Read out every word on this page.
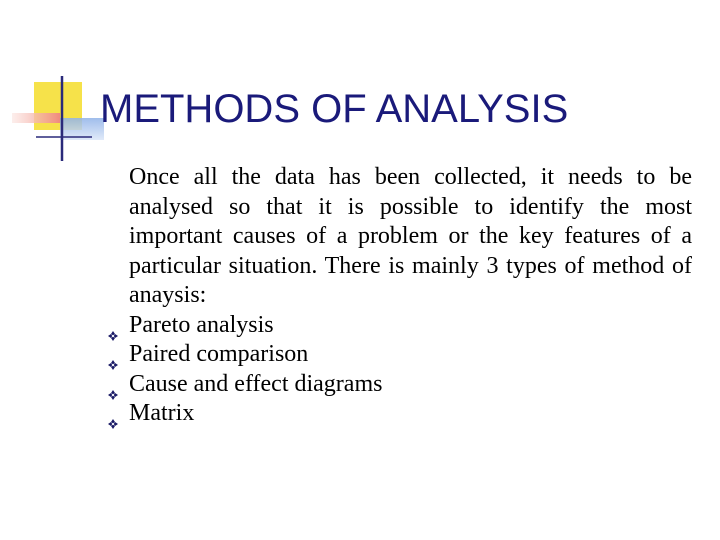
METHODS OF ANALYSIS
Once all the data has been collected, it needs to be analysed so that it is possible to identify the most important causes of a problem or the key features of a particular situation. There is mainly 3 types of method of anaysis:
Pareto analysis
Paired comparison
Cause and effect diagrams
Matrix
